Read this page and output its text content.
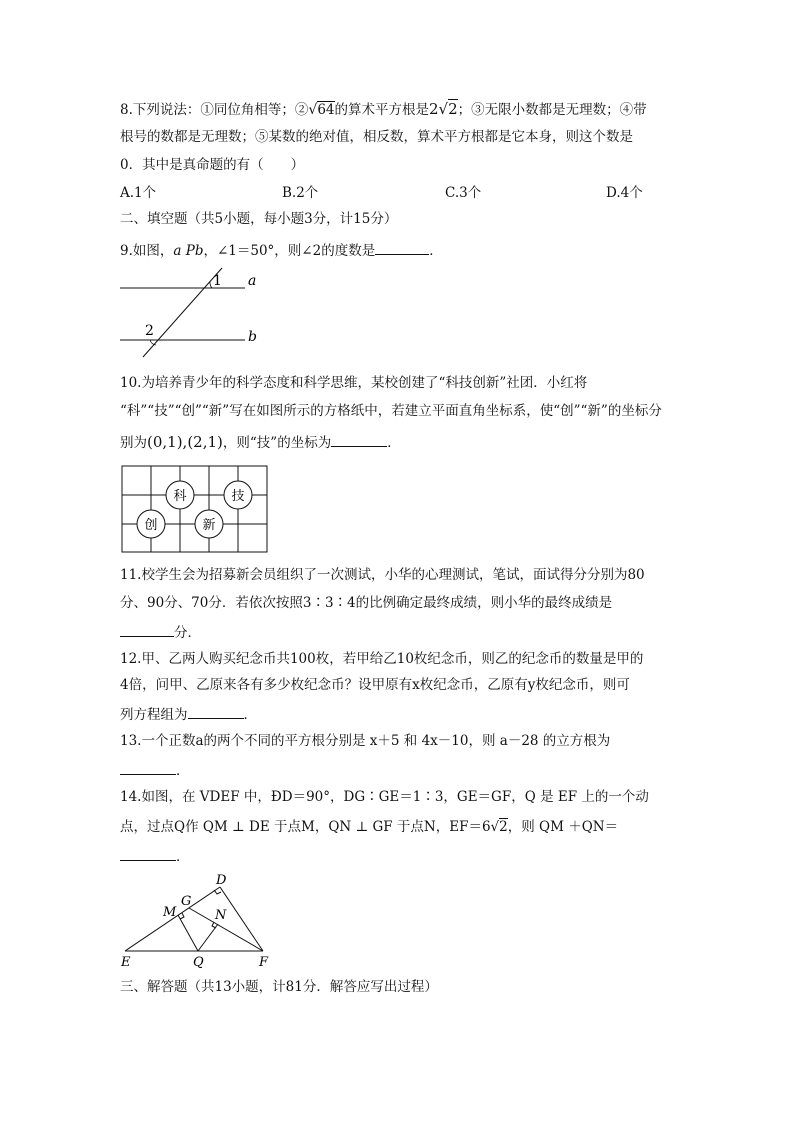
8.下列说法：①同位角相等；②√64的算术平方根是2√2；③无限小数都是无理数；④带
根号的数都是无理数；⑤某数的绝对值，相反数，算术平方根都是它本身，则这个数是
0．其中是真命题的有（　　）
A.1个	B.2个	C.3个	D.4个
二、填空题（共5小题，每小题3分，计15分）
9.如图，a Pb，∠1＝50°，则∠2的度数是	．
1
2
a
b
10.为培养青少年的科学态度和科学思维，某校创建了“科技创新”社团．小红将
“科”“技”“创”“新”写在如图所示的方格纸中，若建立平面直角坐标系，使“创”“新”的坐标分
别为(0,1),(2,1)，则“技”的坐标为	．
科	技
创	新
11.校学生会为招募新会员组织了一次测试，小华的心理测试，笔试，面试得分分别为80
分、90分、70分．若依次按照3∶3∶4的比例确定最终成绩，则小华的最终成绩是
分．
12.甲、乙两人购买纪念币共100枚，若甲给乙10枚纪念币，则乙的纪念币的数量是甲的
4倍，问甲、乙原来各有多少枚纪念币？设甲原有x枚纪念币，乙原有y枚纪念币，则可
列方程组为	．
13.一个正数a的两个不同的平方根分别是 x＋5 和 4x－10，则 a－28 的立方根为
．
14.如图，在 VDEF 中，ÐD＝90°，DG∶GE＝1∶3，GE＝GF，Q 是 EF 上的一个动
点，过点Q作 QM ⊥ DE 于点M，QN ⊥ GF 于点N，EF＝6√2，则 QM ＋QN＝
．
D
G
M	N
E	Q	F
三、解答题（共13小题，计81分．解答应写出过程）
